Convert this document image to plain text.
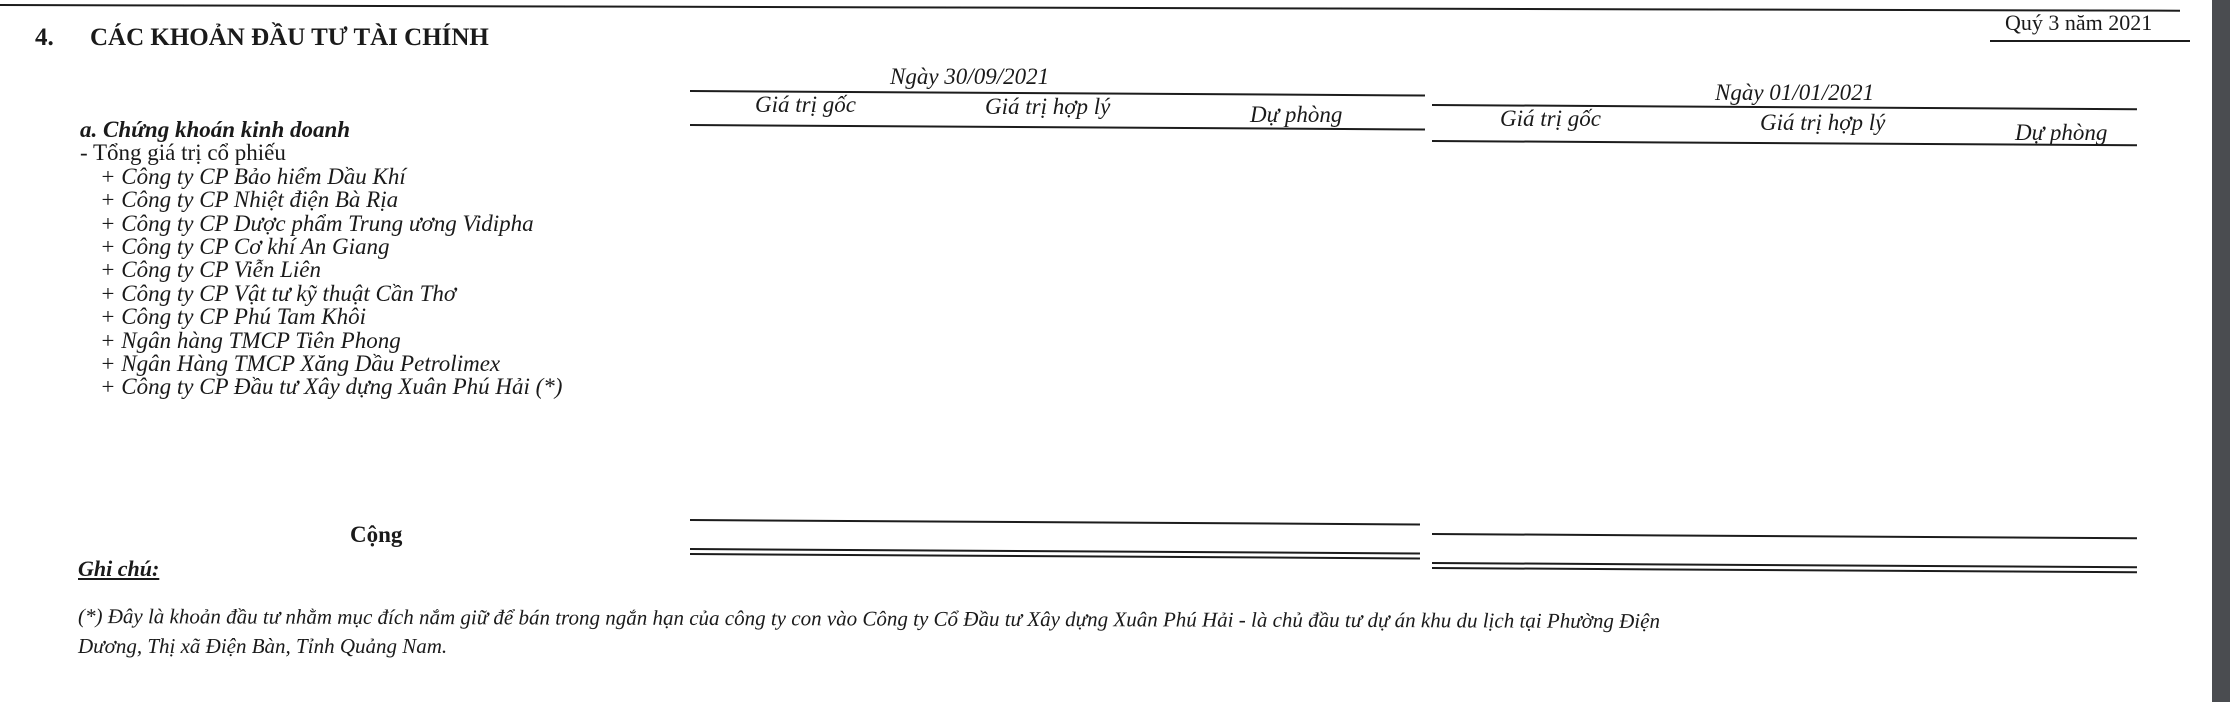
Quý 3 năm 2021
4. CÁC KHOẢN ĐẦU TƯ TÀI CHÍNH
Ngày 30/09/2021
Giá trị gốc	Giá trị hợp lý	Dự phòng
Ngày 01/01/2021
Giá trị gốc	Giá trị hợp lý	Dự phòng
a. Chứng khoán kinh doanh
- Tổng giá trị cổ phiếu
+ Công ty CP Bảo hiểm Dầu Khí
+ Công ty CP Nhiệt điện Bà Rịa
+ Công ty CP Dược phẩm Trung ương Vidipha
+ Công ty CP Cơ khí An Giang
+ Công ty CP Viễn Liên
+ Công ty CP Vật tư kỹ thuật Cần Thơ
+ Công ty CP Phú Tam Khôi
+ Ngân hàng TMCP Tiên Phong
+ Ngân Hàng TMCP Xăng Dầu Petrolimex
+ Công ty CP Đầu tư Xây dựng Xuân Phú Hải (*)
Cộng
Ghi chú:
(*) Đây là khoản đầu tư nhằm mục đích nắm giữ để bán trong ngắn hạn của công ty con vào Công ty Cổ Đầu tư Xây dựng Xuân Phú Hải - là chủ đầu tư dự án khu du lịch tại Phường Điện
Dương, Thị xã Điện Bàn, Tỉnh Quảng Nam.
